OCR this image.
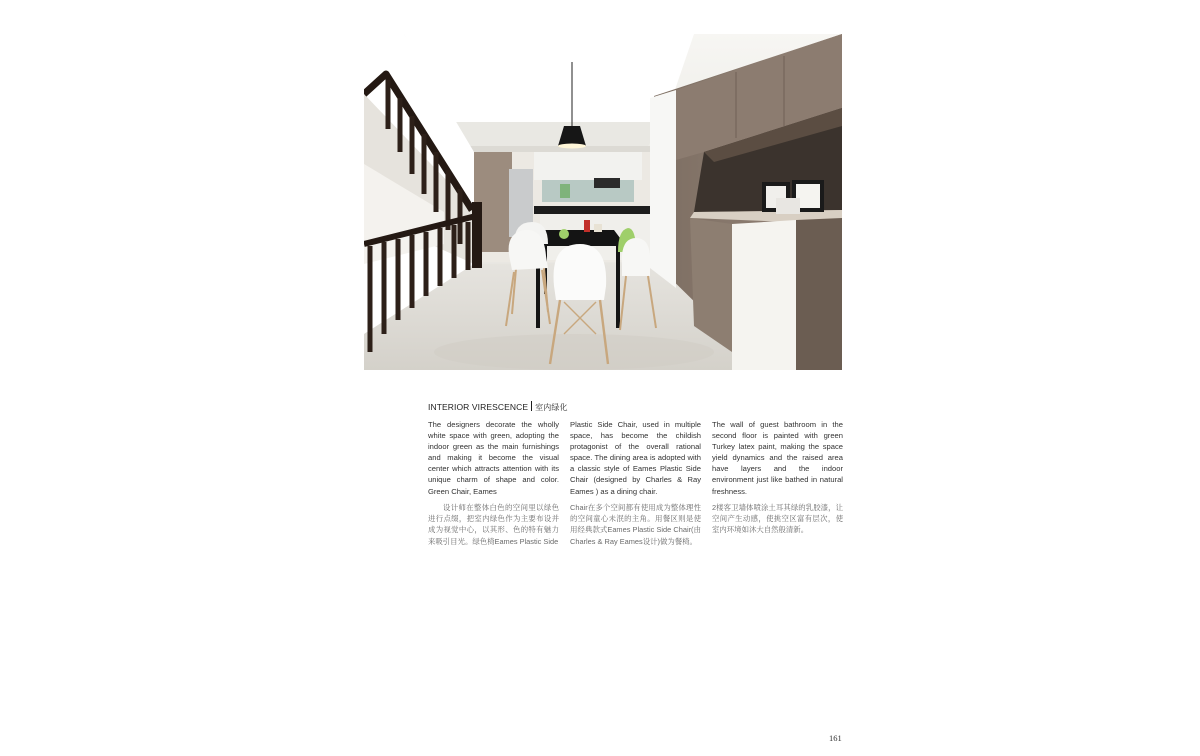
INTERIOR VIRESCENCE 室内绿化
The designers decorate the wholly white space with green, adopting the indoor green as the main furnishings and making it become the visual center which attracts attention with its unique charm of shape and color. Green Chair, Eames
Plastic Side Chair, used in multiple space, has become the childish protagonist of the overall rational space. The dining area is adopted with a classic style of Eames Plastic Side Chair (designed by Charles & Ray Eames ) as a dining chair.
The wall of guest bathroom in the second floor is painted with green Turkey latex paint, making the space yield dynamics and the raised area have layers and the indoor environment just like bathed in natural freshness.
设计师在整体白色的空间里以绿色进行点缀，把室内绿色作为主要布设并成为视觉中心，以其形、色的特有魅力来吸引目光。绿色椅Eames Plastic Side
Chair在多个空间都有使用成为整体理性的空间童心未泯的主角。用餐区则是使用经典款式Eames Plastic Side Chair(由Charles & Ray Eames设计)做为餐椅。
2楼客卫墙体喷涂土耳其绿的乳胶漆，让空间产生动感，使挑空区富有层次，使室内环境如沐大自然般清新。
161
